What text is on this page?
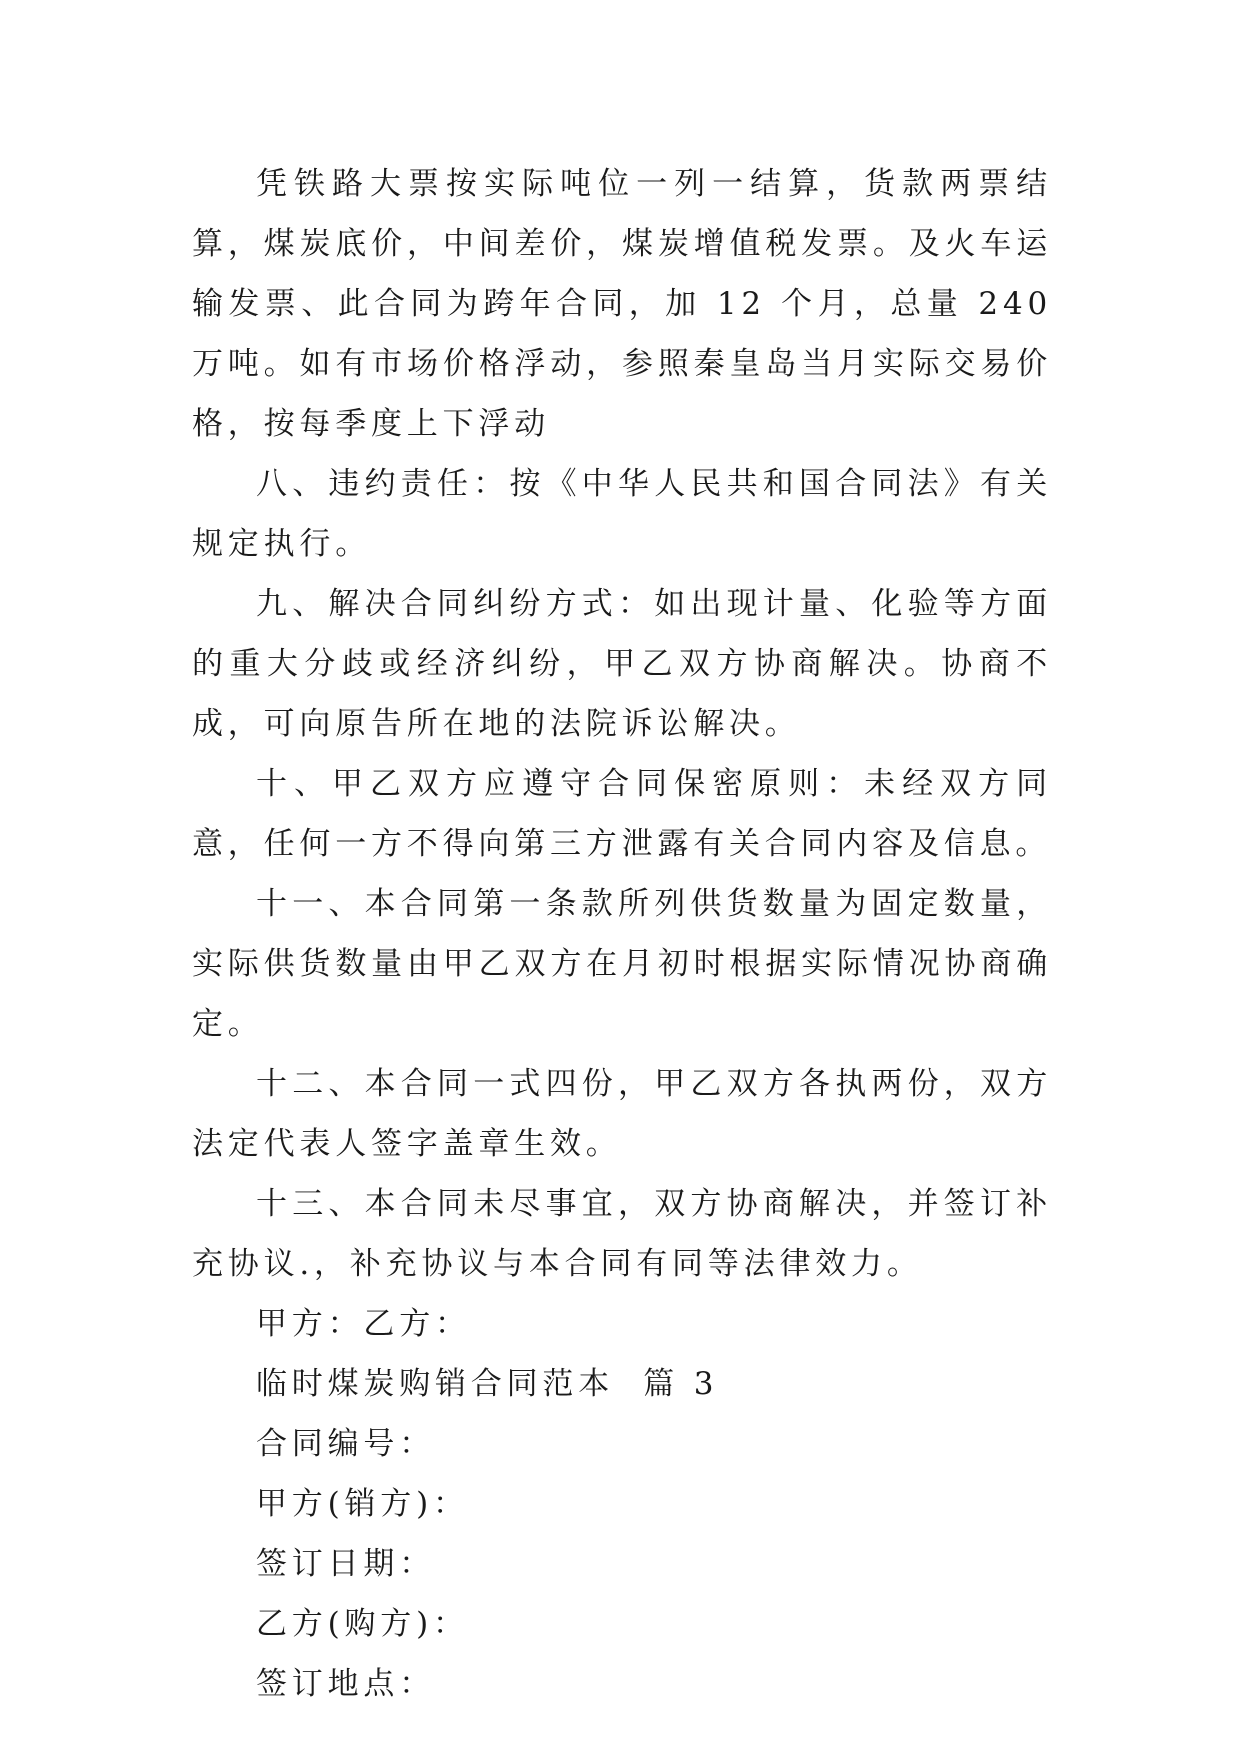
凭铁路大票按实际吨位一列一结算，货款两票结算，煤炭底价，中间差价，煤炭增值税发票。及火车运输发票、此合同为跨年合同，加 12 个月，总量 240 万吨。如有市场价格浮动，参照秦皇岛当月实际交易价格，按每季度上下浮动

八、违约责任：按《中华人民共和国合同法》有关规定执行。

九、解决合同纠纷方式：如出现计量、化验等方面的重大分歧或经济纠纷，甲乙双方协商解决。协商不成，可向原告所在地的法院诉讼解决。

十、甲乙双方应遵守合同保密原则：未经双方同意，任何一方不得向第三方泄露有关合同内容及信息。

十一、本合同第一条款所列供货数量为固定数量，实际供货数量由甲乙双方在月初时根据实际情况协商确定。

十二、本合同一式四份，甲乙双方各执两份，双方法定代表人签字盖章生效。

十三、本合同未尽事宜，双方协商解决，并签订补充协议.，补充协议与本合同有同等法律效力。

甲方：乙方：

临时煤炭购销合同范本  篇 3

合同编号：

甲方(销方)：

签订日期：

乙方(购方)：

签订地点：
